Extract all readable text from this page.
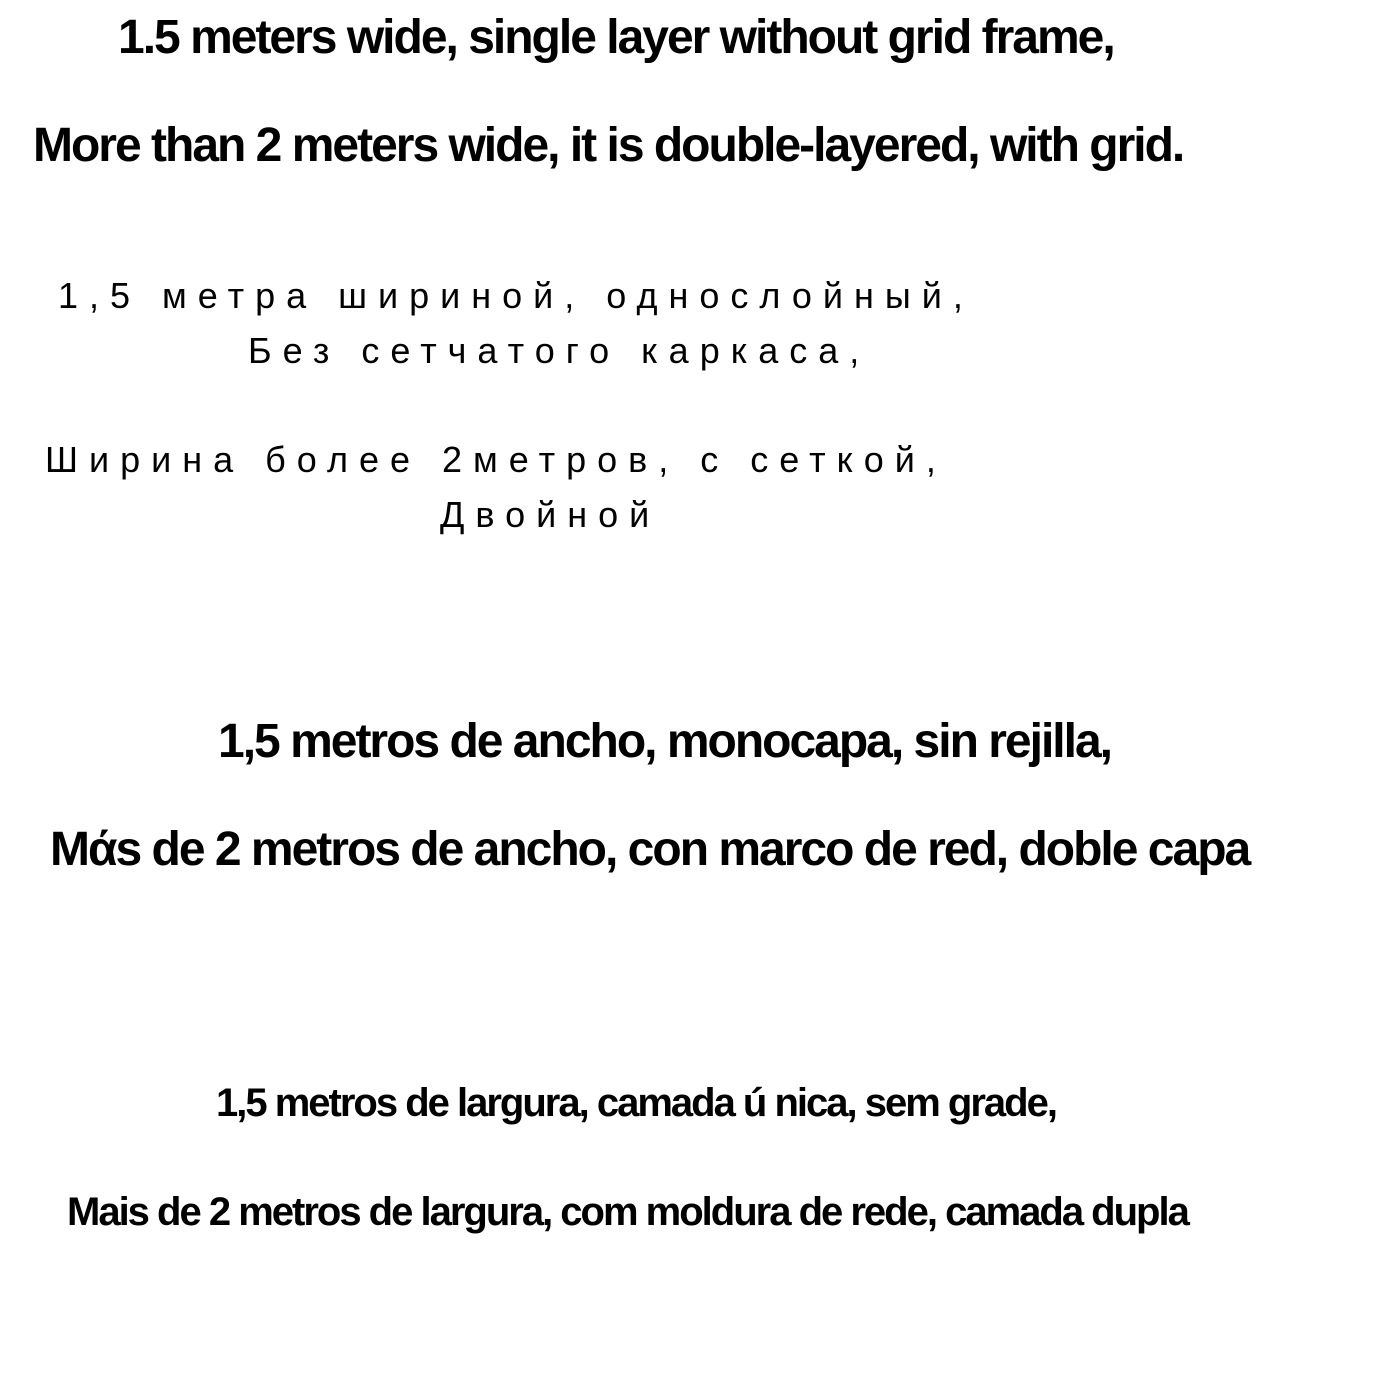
1.5 meters wide, single layer without grid frame,

More than 2 meters wide, it is double-layered, with grid.

1,5 метра шириной, однослойный,

Без сетчатого каркаса,

Ширина более 2метров, с сеткой,

Двойной

1,5 metros de ancho, monocapa, sin rejilla,

Mάs de 2 metros de ancho, con marco de red, doble capa

1,5 metros de largura, camada ú nica, sem grade,

Mais de 2 metros de largura, com moldura de rede, camada dupla
